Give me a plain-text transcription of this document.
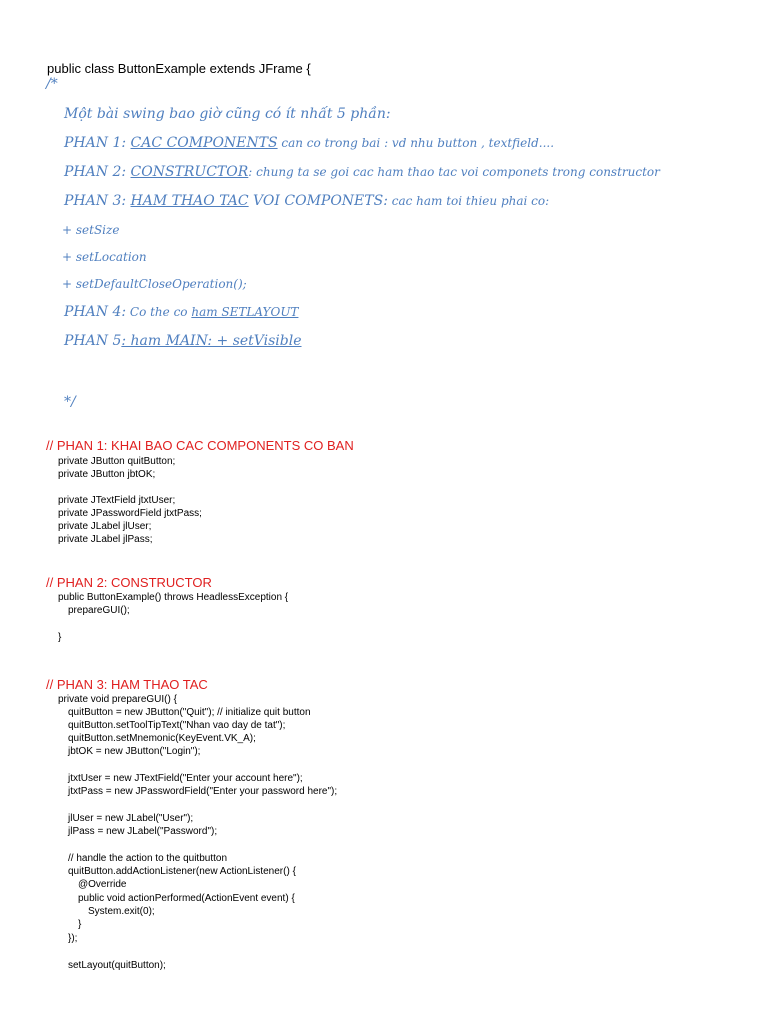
public class ButtonExample extends JFrame {
/*
Một bài swing bao giờ cũng có ít nhất 5 phần:
PHAN 1: CAC COMPONENTS can co trong bai : vd nhu button , textfield....
PHAN 2: CONSTRUCTOR: chung ta se goi cac ham thao tac voi componets trong constructor
PHAN 3: HAM THAO TAC VOI COMPONETS: cac ham toi thieu phai co:
+ setSize
+ setLocation
+ setDefaultCloseOperation();
PHAN 4: Co the co ham SETLAYOUT
PHAN 5: ham MAIN: + setVisible
*/
// PHAN 1: KHAI BAO CAC COMPONENTS CO BAN
private JButton quitButton;
private JButton jbtOK;
private JTextField jtxtUser;
private JPasswordField jtxtPass;
private JLabel jlUser;
private JLabel jlPass;
// PHAN 2: CONSTRUCTOR
public ButtonExample() throws HeadlessException {
prepareGUI();
}
// PHAN 3: HAM THAO TAC
private void prepareGUI() {
quitButton = new JButton("Quit"); // initialize quit button
quitButton.setToolTipText("Nhan vao day de tat");
quitButton.setMnemonic(KeyEvent.VK_A);
jbtOK = new JButton("Login");
jtxtUser = new JTextField("Enter your account here");
jtxtPass = new JPasswordField("Enter your password here");
jlUser = new JLabel("User");
jlPass = new JLabel("Password");
// handle the action to the quitbutton
quitButton.addActionListener(new ActionListener() {
@Override
public void actionPerformed(ActionEvent event) {
System.exit(0);
}
});
setLayout(quitButton);
